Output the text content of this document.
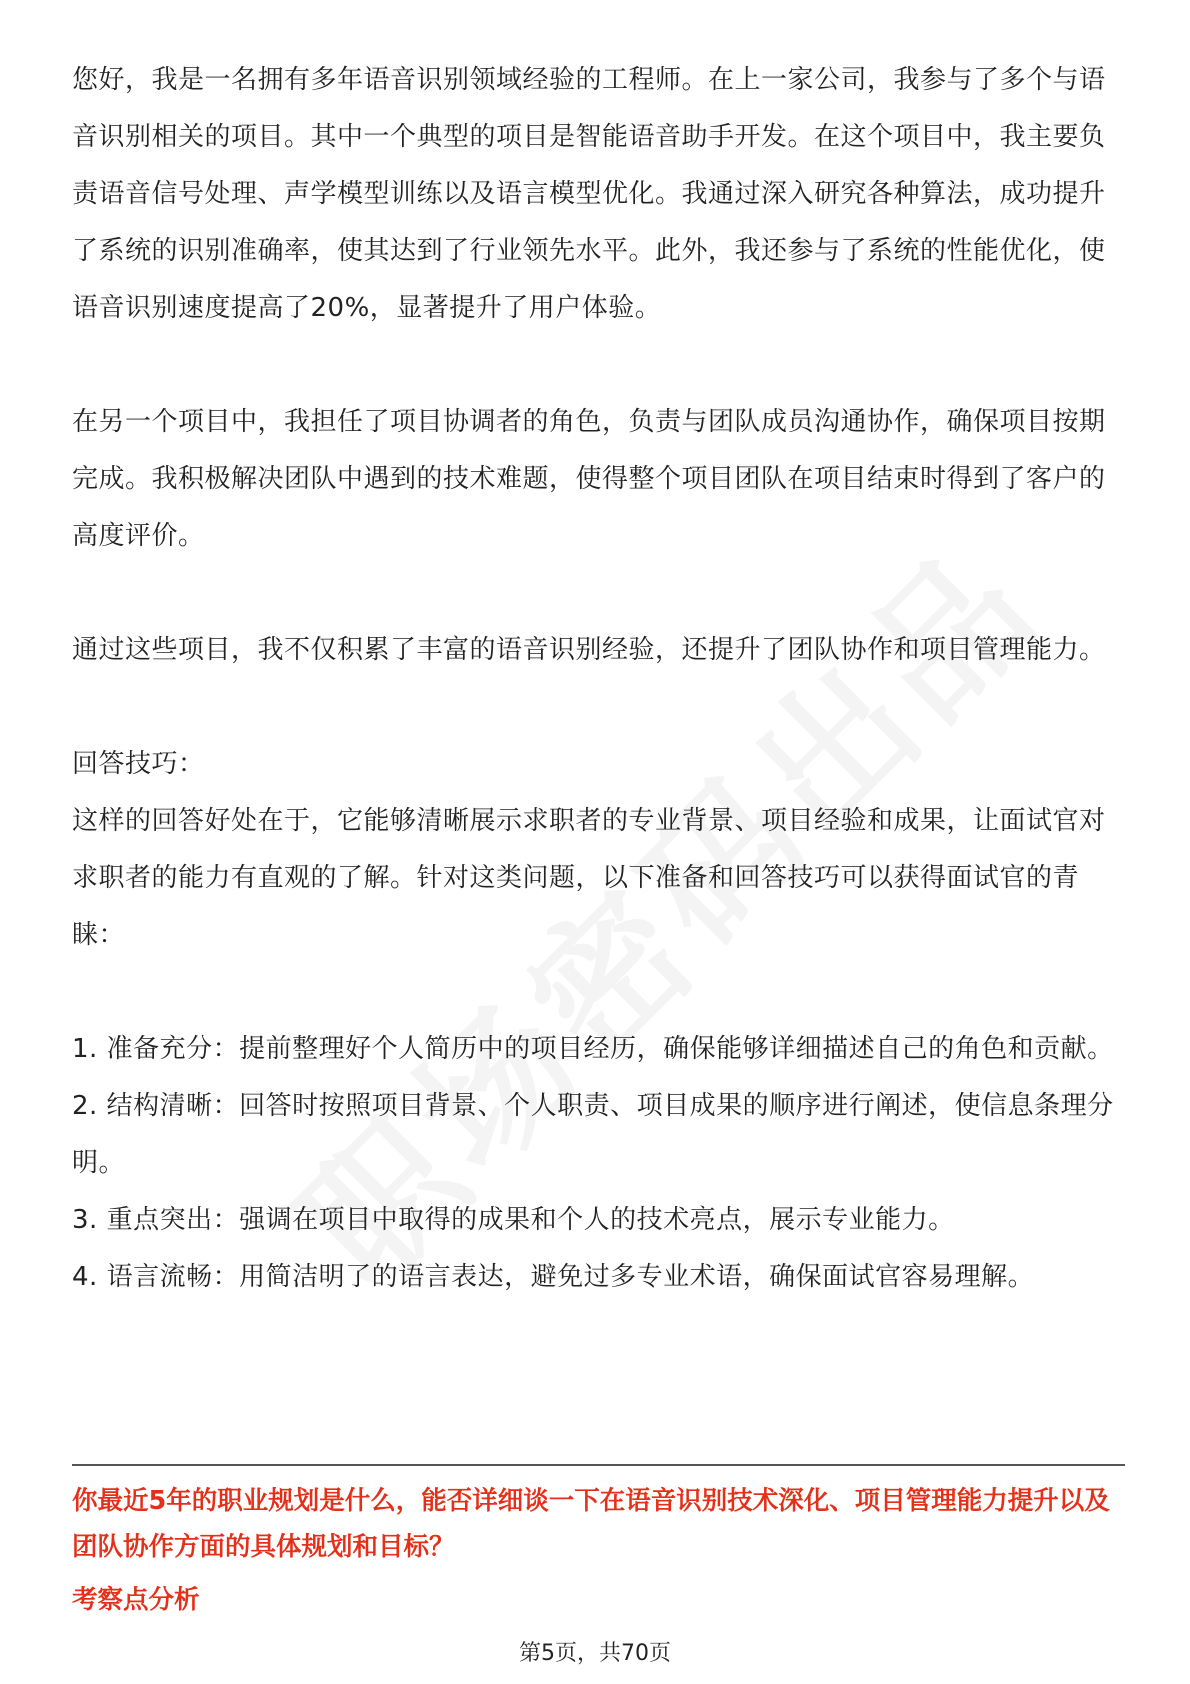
您好，我是一名拥有多年语音识别领域经验的工程师。在上一家公司，我参与了多个与语音识别相关的项目。其中一个典型的项目是智能语音助手开发。在这个项目中，我主要负责语音信号处理、声学模型训练以及语言模型优化。我通过深入研究各种算法，成功提升了系统的识别准确率，使其达到了行业领先水平。此外，我还参与了系统的性能优化，使语音识别速度提高了20%，显著提升了用户体验。

在另一个项目中，我担任了项目协调者的角色，负责与团队成员沟通协作，确保项目按期完成。我积极解决团队中遇到的技术难题，使得整个项目团队在项目结束时得到了客户的高度评价。

通过这些项目，我不仅积累了丰富的语音识别经验，还提升了团队协作和项目管理能力。

回答技巧：

这样的回答好处在于，它能够清晰展示求职者的专业背景、项目经验和成果，让面试官对求职者的能力有直观的了解。针对这类问题，以下准备和回答技巧可以获得面试官的青睐：

1. 准备充分：提前整理好个人简历中的项目经历，确保能够详细描述自己的角色和贡献。

2. 结构清晰：回答时按照项目背景、个人职责、项目成果的顺序进行阐述，使信息条理分明。

3. 重点突出：强调在项目中取得的成果和个人的技术亮点，展示专业能力。

4. 语言流畅：用简洁明了的语言表达，避免过多专业术语，确保面试官容易理解。

你最近5年的职业规划是什么，能否详细谈一下在语音识别技术深化、项目管理能力提升以及团队协作方面的具体规划和目标？

考察点分析

第5页，共70页
